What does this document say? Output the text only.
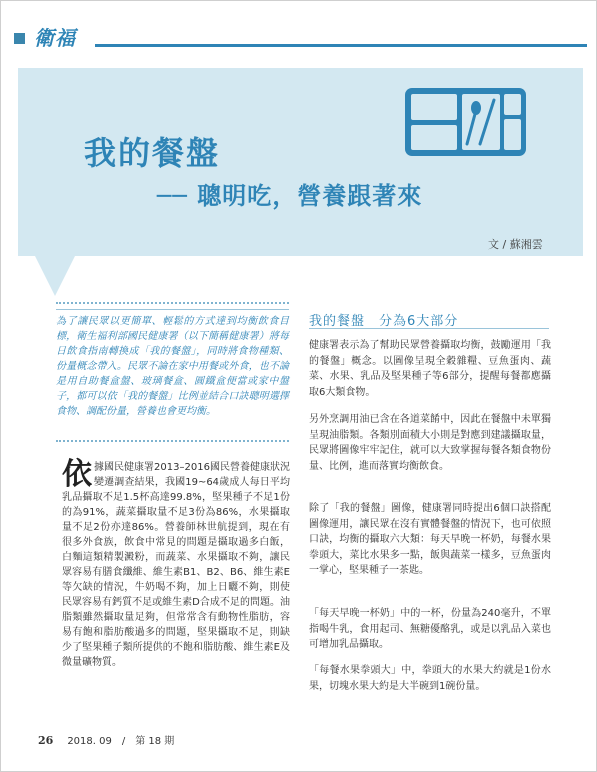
衛福
我的餐盤
── 聰明吃，營養跟著來
文 / 蘇湘雲
為了讓民眾以更簡單、輕鬆的方式達到均衡飲食目標，衛生福利部國民健康署（以下簡稱健康署）將每日飲食指南轉換成「我的餐盤」，同時將食物種類、份量概念帶入。民眾不論在家中用餐或外食，也不論是用自助餐盒盤、玻璃餐盒、圓鐵盒便當或家中盤子，都可以依「我的餐盤」比例並結合口訣聰明選擇食物、調配份量，營養也會更均衡。
依據國民健康署2013–2016國民營養健康狀況變遷調查結果，我國19~64歲成人每日平均乳品攝取不足1.5杯高達99.8%，堅果種子不足1份的為91%，蔬菜攝取量不足3份為86%，水果攝取量不足2份亦達86%。營養師林世航提到，現在有很多外食族，飲食中常見的問題是攝取過多白飯，白麵這類精製澱粉，而蔬菜、水果攝取不夠，讓民眾容易有膳食纖維、維生素B1、B2、B6、維生素E等欠缺的情況，牛奶喝不夠，加上日曬不夠，則使民眾容易有鈣質不足或維生素D合成不足的問題。油脂類雖然攝取量足夠，但常常含有動物性脂肪，容易有飽和脂肪酸過多的問題，堅果攝取不足，則缺少了堅果種子類所提供的不飽和脂肪酸、維生素E及微量礦物質。
我的餐盤　分為6大部分
健康署表示為了幫助民眾營養攝取均衡，鼓勵運用「我的餐盤」概念。以圖像呈現全穀雜糧、豆魚蛋肉、蔬菜、水果、乳品及堅果種子等6部分，提醒每餐都應攝取6大類食物。
另外烹調用油已含在各道菜餚中，因此在餐盤中未單獨呈現油脂類。各類別面積大小則是對應到建議攝取量，民眾將圖像牢牢記住，就可以大致掌握每餐各類食物份量、比例，進而落實均衡飲食。
除了「我的餐盤」圖像，健康署同時提出6個口訣搭配圖像運用，讓民眾在沒有實體餐盤的情況下，也可依照口訣，均衡的攝取六大類：每天早晚一杯奶，每餐水果拳頭大，菜比水果多一點，飯與蔬菜一樣多，豆魚蛋肉一掌心，堅果種子一茶匙。
「每天早晚一杯奶」中的一杯，份量為240毫升，不單指喝牛乳，食用起司、無糖優酪乳，或是以乳品入菜也可增加乳品攝取。
「每餐水果拳頭大」中，拳頭大的水果大約就是1份水果，切塊水果大約是大半碗到1碗份量。
26 2018. 09　/　第 18 期
